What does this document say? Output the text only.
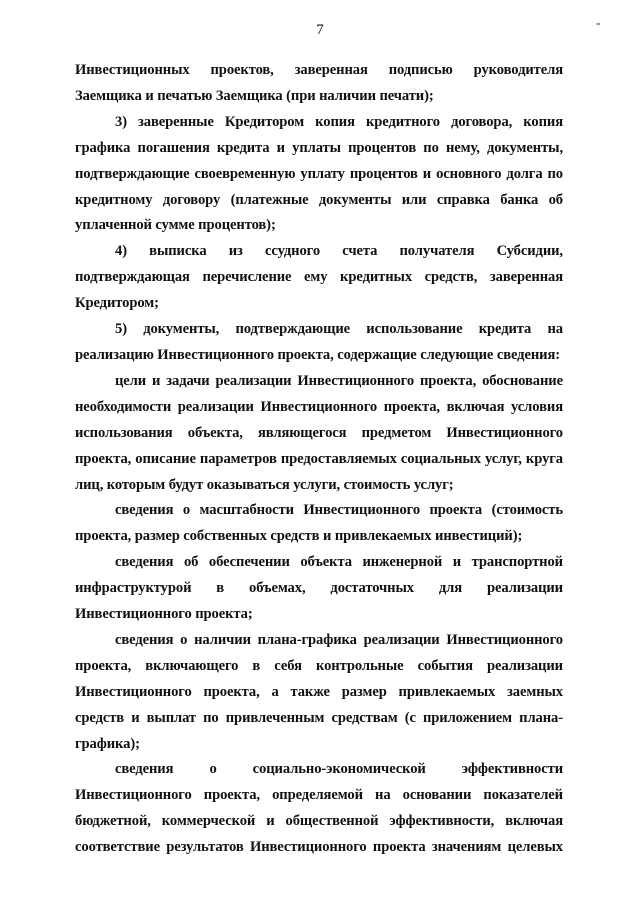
7	-

Инвестиционных проектов, заверенная подписью руководителя Заемщика и печатью Заемщика (при наличии печати);

3) заверенные Кредитором копия кредитного договора, копия графика погашения кредита и уплаты процентов по нему, документы, подтверждающие своевременную уплату процентов и основного долга по кредитному договору (платежные документы или справка банка об уплаченной сумме процентов);

4) выписка из ссудного счета получателя Субсидии, подтверждающая перечисление ему кредитных средств, заверенная Кредитором;

5) документы, подтверждающие использование кредита на реализацию Инвестиционного проекта, содержащие следующие сведения:

цели и задачи реализации Инвестиционного проекта, обоснование необходимости реализации Инвестиционного проекта, включая условия использования объекта, являющегося предметом Инвестиционного проекта, описание параметров предоставляемых социальных услуг, круга лиц, которым будут оказываться услуги, стоимость услуг;

сведения о масштабности Инвестиционного проекта (стоимость проекта, размер собственных средств и привлекаемых инвестиций);

сведения об обеспечении объекта инженерной и транспортной инфраструктурой в объемах, достаточных для реализации Инвестиционного проекта;

сведения о наличии плана-графика реализации Инвестиционного проекта, включающего в себя контрольные события реализации Инвестиционного проекта, а также размер привлекаемых заемных средств и выплат по привлеченным средствам (с приложением плана-графика);

сведения о социально-экономической эффективности Инвестиционного проекта, определяемой на основании показателей бюджетной, коммерческой и общественной эффективности, включая соответствие результатов Инвестиционного проекта значениям целевых
